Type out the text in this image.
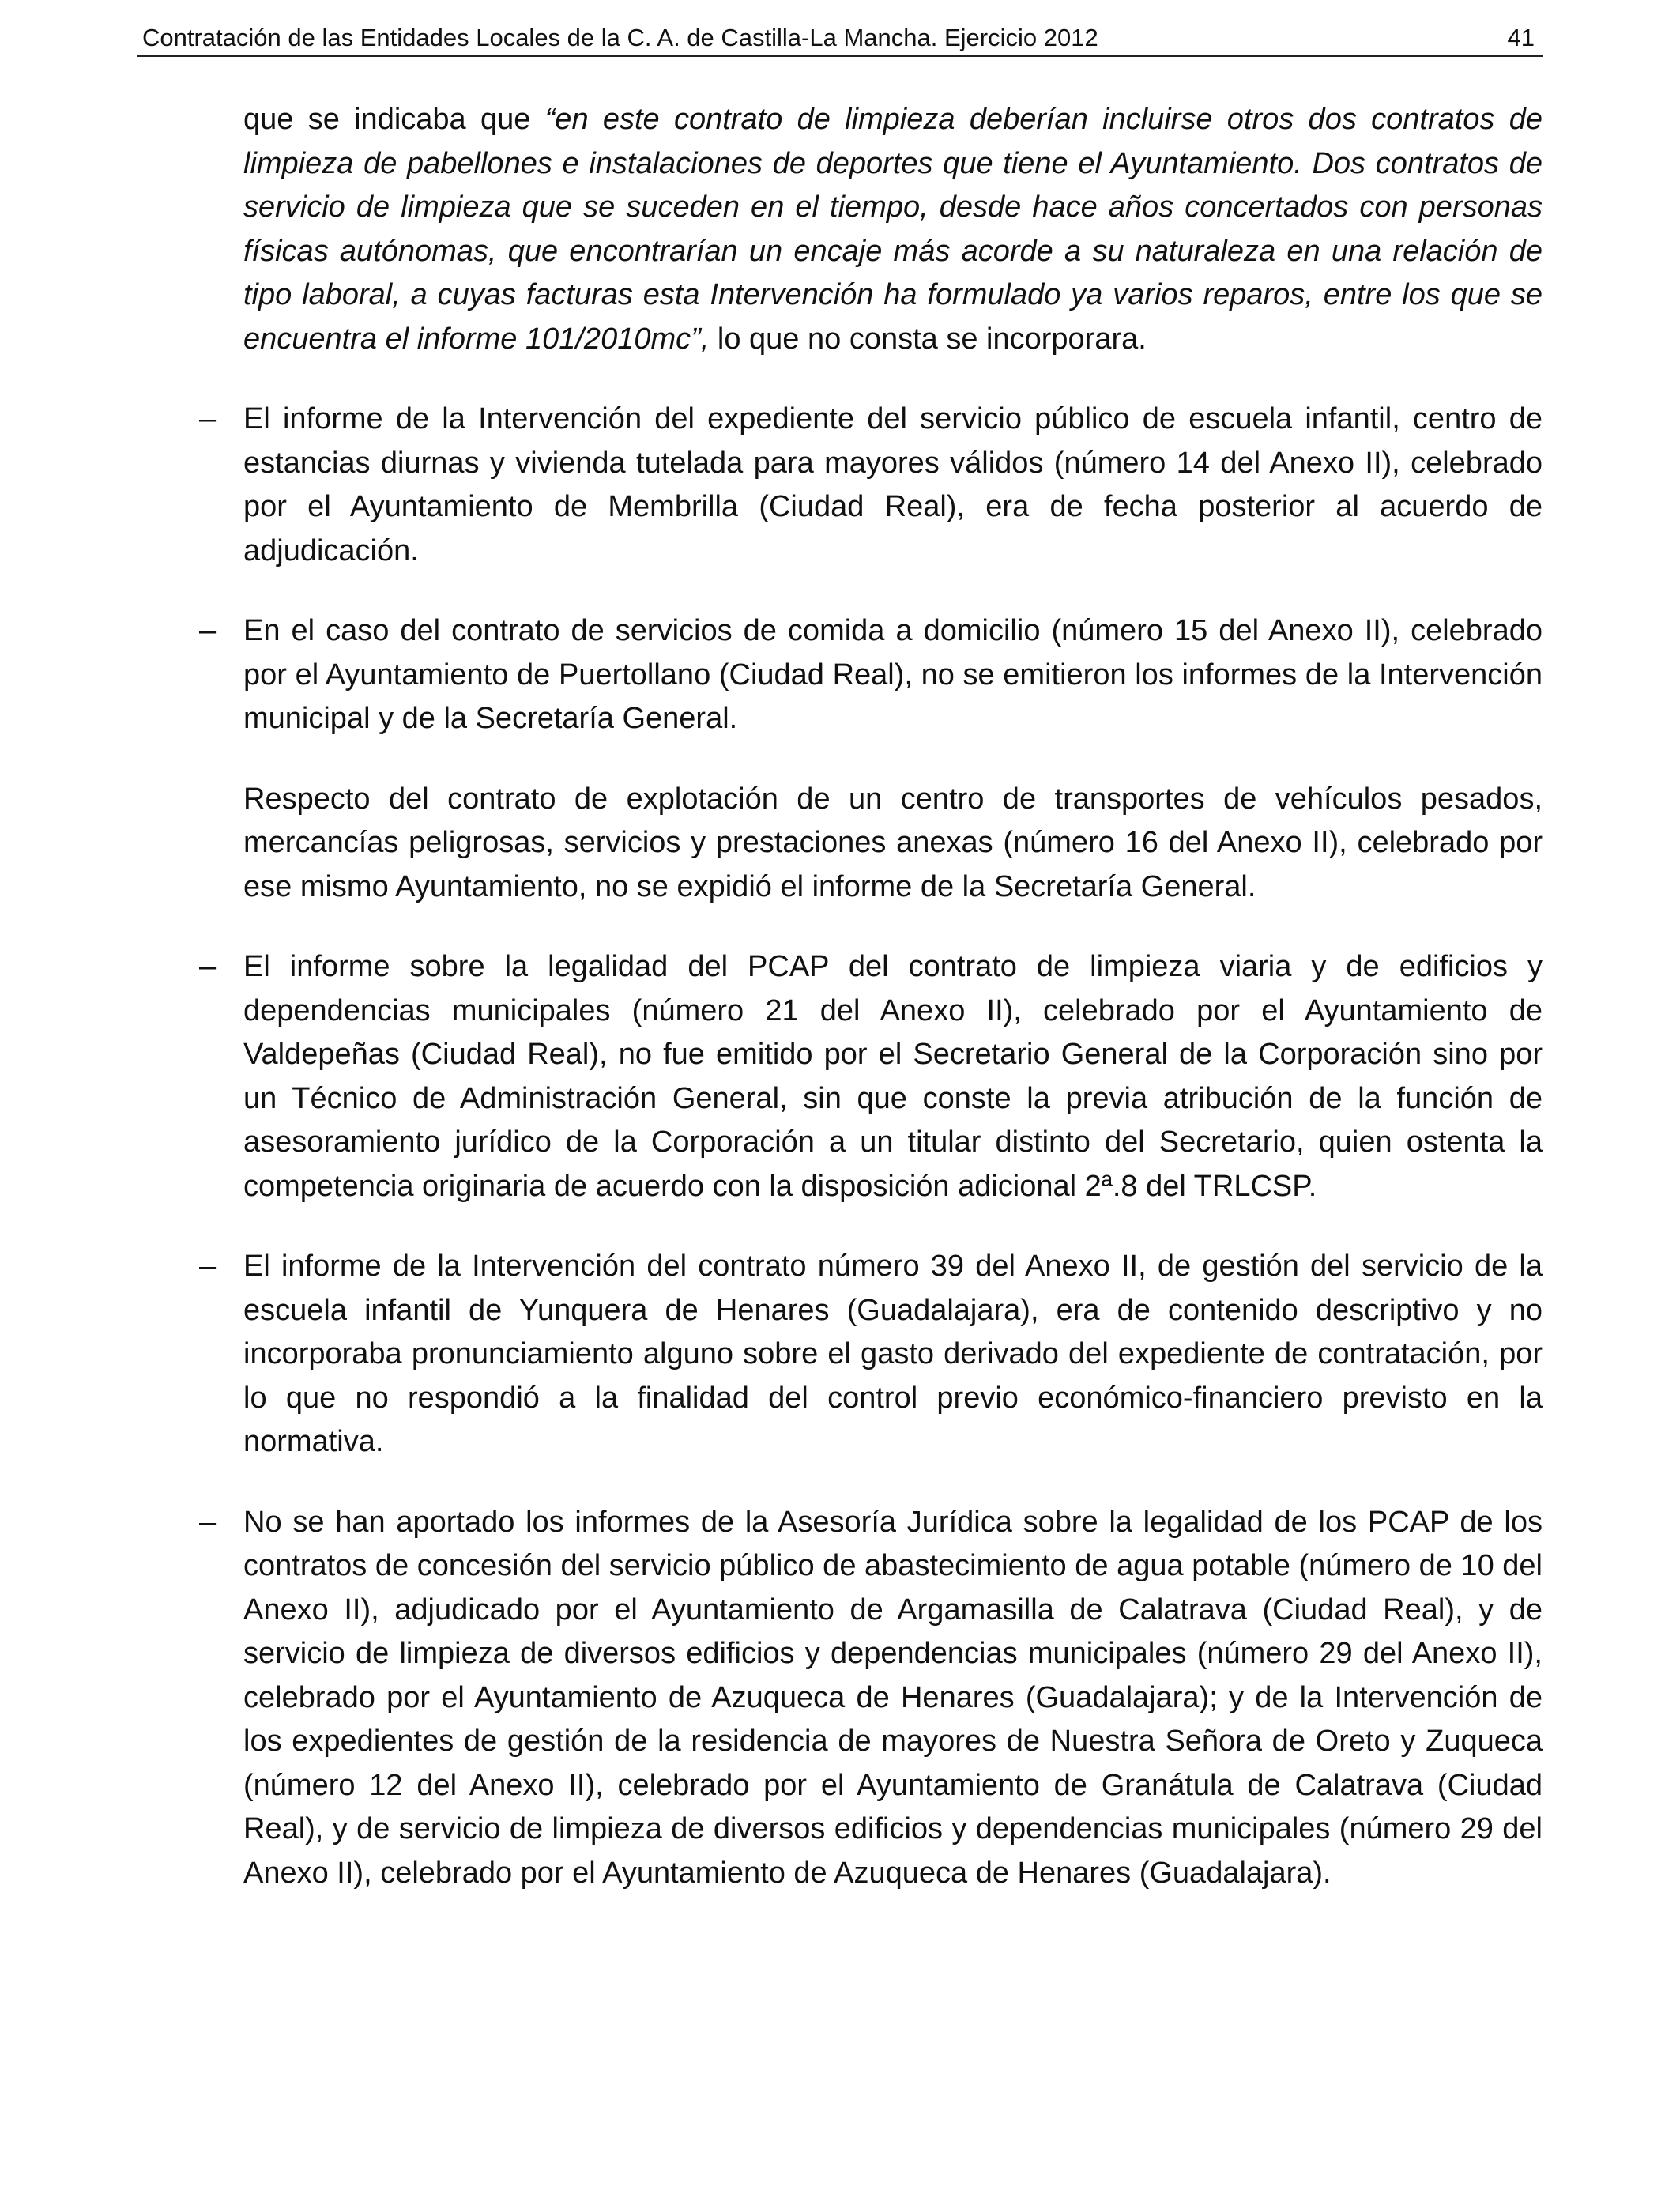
Contratación de las Entidades Locales de la C. A. de Castilla-La Mancha. Ejercicio 2012	41

que se indicaba que “en este contrato de limpieza deberían incluirse otros dos contratos de limpieza de pabellones e instalaciones de deportes que tiene el Ayuntamiento. Dos contratos de servicio de limpieza que se suceden en el tiempo, desde hace años concertados con personas físicas autónomas, que encontrarían un encaje más acorde a su naturaleza en una relación de tipo laboral, a cuyas facturas esta Intervención ha formulado ya varios reparos, entre los que se encuentra el informe 101/2010mc”, lo que no consta se incorporara.

– El informe de la Intervención del expediente del servicio público de escuela infantil, centro de estancias diurnas y vivienda tutelada para mayores válidos (número 14 del Anexo II), celebrado por el Ayuntamiento de Membrilla (Ciudad Real), era de fecha posterior al acuerdo de adjudicación.
– En el caso del contrato de servicios de comida a domicilio (número 15 del Anexo II), celebrado por el Ayuntamiento de Puertollano (Ciudad Real), no se emitieron los informes de la Intervención municipal y de la Secretaría General.

Respecto del contrato de explotación de un centro de transportes de vehículos pesados, mercancías peligrosas, servicios y prestaciones anexas (número 16 del Anexo II), celebrado por ese mismo Ayuntamiento, no se expidió el informe de la Secretaría General.

– El informe sobre la legalidad del PCAP del contrato de limpieza viaria y de edificios y dependencias municipales (número 21 del Anexo II), celebrado por el Ayuntamiento de Valdepeñas (Ciudad Real), no fue emitido por el Secretario General de la Corporación sino por un Técnico de Administración General, sin que conste la previa atribución de la función de asesoramiento jurídico de la Corporación a un titular distinto del Secretario, quien ostenta la competencia originaria de acuerdo con la disposición adicional 2ª.8 del TRLCSP.
– El informe de la Intervención del contrato número 39 del Anexo II, de gestión del servicio de la escuela infantil de Yunquera de Henares (Guadalajara), era de contenido descriptivo y no incorporaba pronunciamiento alguno sobre el gasto derivado del expediente de contratación, por lo que no respondió a la finalidad del control previo económico-financiero previsto en la normativa.
– No se han aportado los informes de la Asesoría Jurídica sobre la legalidad de los PCAP de los contratos de concesión del servicio público de abastecimiento de agua potable (número de 10 del Anexo II), adjudicado por el Ayuntamiento de Argamasilla de Calatrava (Ciudad Real), y de servicio de limpieza de diversos edificios y dependencias municipales (número 29 del Anexo II), celebrado por el Ayuntamiento de Azuqueca de Henares (Guadalajara); y de la Intervención de los expedientes de gestión de la residencia de mayores de Nuestra Señora de Oreto y Zuqueca (número 12 del Anexo II), celebrado por el Ayuntamiento de Granátula de Calatrava (Ciudad Real), y de servicio de limpieza de diversos edificios y dependencias municipales (número 29 del Anexo II), celebrado por el Ayuntamiento de Azuqueca de Henares (Guadalajara).
